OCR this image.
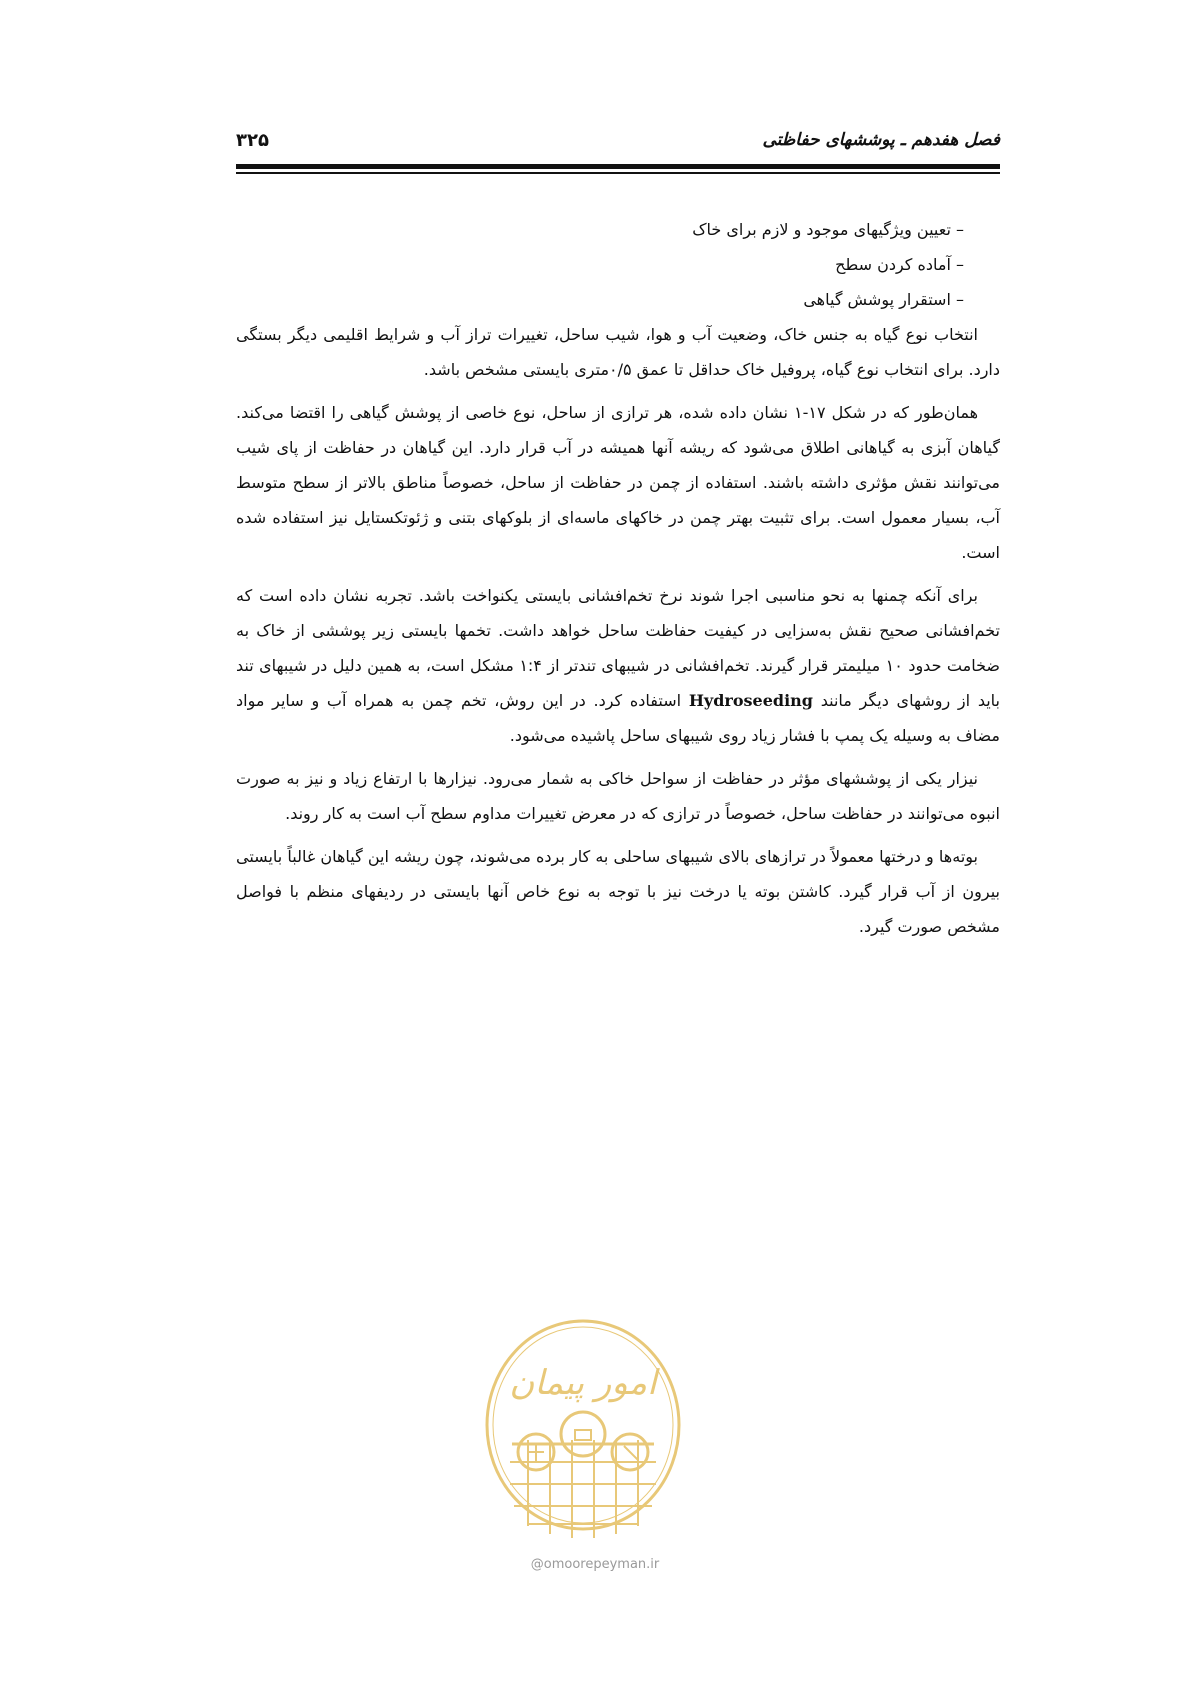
۳۲۵	فصل هفدهم ـ پوششهای حفاظتی
– تعیین ویژگیهای موجود و لازم برای خاک
– آماده کردن سطح
– استقرار پوشش گیاهی

انتخاب نوع گیاه به جنس خاک، وضعیت آب و هوا، شیب ساحل، تغییرات تراز آب و شرایط اقلیمی دیگر بستگی دارد. برای انتخاب نوع گیاه، پروفیل خاک حداقل تا عمق ۰/۵متری بایستی مشخص باشد.

همان‌طور که در شکل ۱۷-۱ نشان داده شده، هر ترازی از ساحل، نوع خاصی از پوشش گیاهی را اقتضا می‌کند. گیاهان آبزی به گیاهانی اطلاق می‌شود که ریشه آنها همیشه در آب قرار دارد. این گیاهان در حفاظت از پای شیب می‌توانند نقش مؤثری داشته باشند. استفاده از چمن در حفاظت از ساحل، خصوصاً مناطق بالاتر از سطح متوسط آب، بسیار معمول است. برای تثبیت بهتر چمن در خاکهای ماسه‌ای از بلوکهای بتنی و ژئوتکستایل نیز استفاده شده است.

برای آنکه چمنها به نحو مناسبی اجرا شوند نرخ تخم‌افشانی بایستی یکنواخت باشد. تجربه نشان داده است که تخم‌افشانی صحیح نقش به‌سزایی در کیفیت حفاظت ساحل خواهد داشت. تخمها بایستی زیر پوششی از خاک به ضخامت حدود ۱۰ میلیمتر قرار گیرند. تخم‌افشانی در شیبهای تندتر از ۱:۴ مشکل است، به همین دلیل در شیبهای تند باید از روشهای دیگر مانند Hydroseeding استفاده کرد. در این روش، تخم چمن به همراه آب و سایر مواد مضاف به وسیله یک پمپ با فشار زیاد روی شیبهای ساحل پاشیده می‌شود.

نیزار یکی از پوششهای مؤثر در حفاظت از سواحل خاکی به شمار می‌رود. نیزارها با ارتفاع زیاد و نیز به صورت انبوه می‌توانند در حفاظت ساحل، خصوصاً در ترازی که در معرض تغییرات مداوم سطح آب است به کار روند.

بوته‌ها و درختها معمولاً در ترازهای بالای شیبهای ساحلی به کار برده می‌شوند، چون ریشه این گیاهان غالباً بایستی بیرون از آب قرار گیرد. کاشتن بوته یا درخت نیز با توجه به نوع خاص آنها بایستی در ردیفهای منظم با فواصل مشخص صورت گیرد.

امور پیمان
@omoorepeyman.ir
